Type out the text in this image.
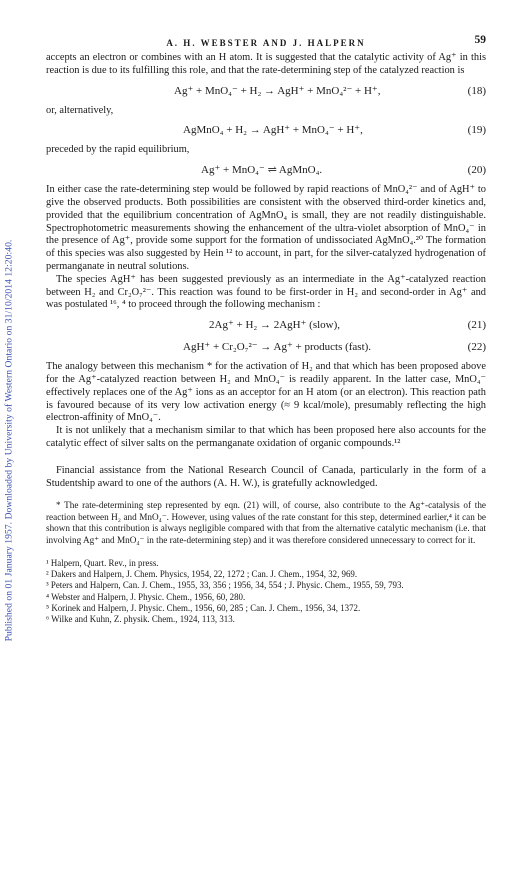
Published on 01 January 1957. Downloaded by University of Western Ontario on 31/10/2014 12:20:40.
A. H. WEBSTER AND J. HALPERN	59

accepts an electron or combines with an H atom. It is suggested that the catalytic activity of Ag⁺ in this reaction is due to its fulfilling this role, and that the rate-determining step of the catalyzed reaction is

Ag⁺ + MnO₄⁻ + H₂ → AgH⁺ + MnO₄²⁻ + H⁺,	(18)

or, alternatively,

AgMnO₄ + H₂ → AgH⁺ + MnO₄⁻ + H⁺,	(19)

preceded by the rapid equilibrium,

Ag⁺ + MnO₄⁻ ⇌ AgMnO₄.	(20)

In either case the rate-determining step would be followed by rapid reactions of MnO₄²⁻ and of AgH⁺ to give the observed products. Both possibilities are consistent with the observed third-order kinetics and, provided that the equilibrium concentration of AgMnO₄ is small, they are not readily distinguishable. Spectrophotometric measurements showing the enhancement of the ultra-violet absorption of MnO₄⁻ in the presence of Ag⁺, provide some support for the formation of undissociated AgMnO₄.²⁰ The formation of this species was also suggested by Hein ¹² to account, in part, for the silver-catalyzed hydrogenation of permanganate in neutral solutions.

The species AgH⁺ has been suggested previously as an intermediate in the Ag⁺-catalyzed reaction between H₂ and Cr₂O₇²⁻. This reaction was found to be first-order in H₂ and second-order in Ag⁺ and was postulated ¹⁶, ⁴ to proceed through the following mechanism :

2Ag⁺ + H₂ → 2AgH⁺ (slow),	(21)
AgH⁺ + Cr₂O₇²⁻ → Ag⁺ + products (fast).	(22)

The analogy between this mechanism * for the activation of H₂ and that which has been proposed above for the Ag⁺-catalyzed reaction between H₂ and MnO₄⁻ is readily apparent. In the latter case, MnO₄⁻ effectively replaces one of the Ag⁺ ions as an acceptor for an H atom (or an electron). This reaction path is favoured because of its very low activation energy (≈ 9 kcal/mole), presumably reflecting the high electron-affinity of MnO₄⁻.

It is not unlikely that a mechanism similar to that which has been proposed here also accounts for the catalytic effect of silver salts on the permanganate oxidation of organic compounds.¹²

Financial assistance from the National Research Council of Canada, particularly in the form of a Studentship award to one of the authors (A. H. W.), is gratefully acknowledged.

* The rate-determining step represented by eqn. (21) will, of course, also contribute to the Ag⁺-catalysis of the reaction between H₂ and MnO₄⁻. However, using values of the rate constant for this step, determined earlier,⁴ it can be shown that this contribution is always negligible compared with that from the alternative catalytic mechanism (i.e. that involving Ag⁺ and MnO₄⁻ in the rate-determining step) and it was therefore considered unnecessary to correct for it.

¹ Halpern, Quart. Rev., in press.
² Dakers and Halpern, J. Chem. Physics, 1954, 22, 1272 ; Can. J. Chem., 1954, 32, 969.
³ Peters and Halpern, Can. J. Chem., 1955, 33, 356 ; 1956, 34, 554 ; J. Physic. Chem., 1955, 59, 793.
⁴ Webster and Halpern, J. Physic. Chem., 1956, 60, 280.
⁵ Korinek and Halpern, J. Physic. Chem., 1956, 60, 285 ; Can. J. Chem., 1956, 34, 1372.
⁶ Wilke and Kuhn, Z. physik. Chem., 1924, 113, 313.
